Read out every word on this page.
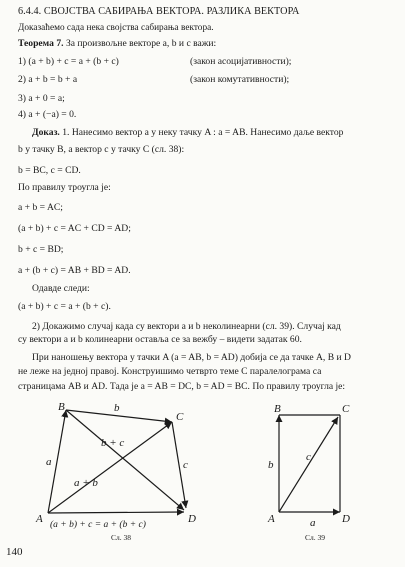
6.4.4. СВОЈСТВА САБИРАЊА ВЕКТОРА. РАЗЛИКА ВЕКТОРА
Доказаћемо сада нека својства сабирања вектора.
Теорема 7. За произвољне векторе a, b и c важи:
1) (a + b) + c = a + (b + c)	(закон асоцијативности);
2) a + b = b + a	(закон комутативности);
3) a + 0 = a;
4) a + (−a) = 0.
Доказ. 1. Нанесимо вектор a у неку тачку A : a = AB. Нанесимо даље вектор
b у тачку B, а вектор c у тачку C (сл. 38):
b = BC, c = CD.
По правилу троугла је:
a + b = AC;
(a + b) + c = AC + CD = AD;
b + c = BD;
a + (b + c) = AB + BD = AD.
Одавде следи:
(a + b) + c = a + (b + c).
2) Докажимо случај када су вектори a и b неколинеарни (сл. 39). Случај кад
су вектори a и b колинеарни оставља се за вежбу – видети задатак 60.
При наношењу вектора у тачки A (a = AB, b = AD) добија се да тачке A, B и D
не леже на једној правој. Конструишимо четврто теме C паралелограма са
страницама AB и AD. Тада је a = AB = DC, b = AD = BC. По правилу троугла је:
B
C
A	D
a
b
c
a + b
b + c
(a + b) + c = a + (b + c)
Сл. 38
B	C
A	D
b
a
c
Сл. 39
140
